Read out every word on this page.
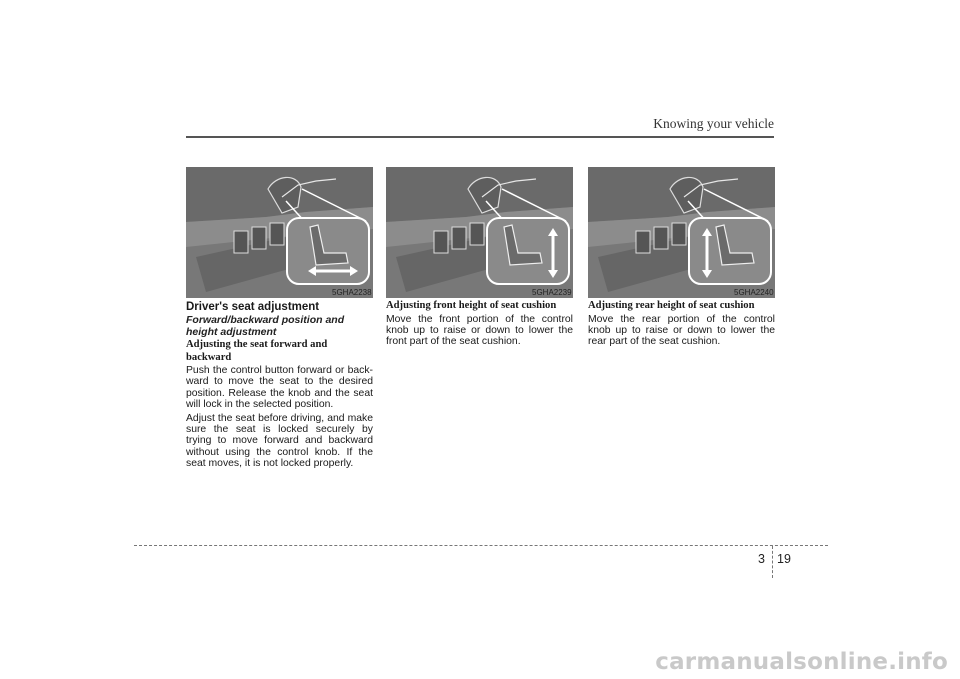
Knowing your vehicle
5GHA2238	5GHA2239	5GHA2240
Driver's seat adjustment
Forward/backward position and height adjustment
Adjusting the seat forward and backward

Push the control button forward or back-ward to move the seat to the desired position. Release the knob and the seat will lock in the selected position.

Adjust the seat before driving, and make sure the seat is locked securely by trying to move forward and backward without using the control knob. If the seat moves, it is not locked properly.

Adjusting front height of seat cushion

Move the front portion of the control knob up to raise or down to lower the front part of the seat cushion.

Adjusting rear height of seat cushion

Move the rear portion of the control knob up to raise or down to lower the rear part of the seat cushion.

3 19
carmanualsonline.info
